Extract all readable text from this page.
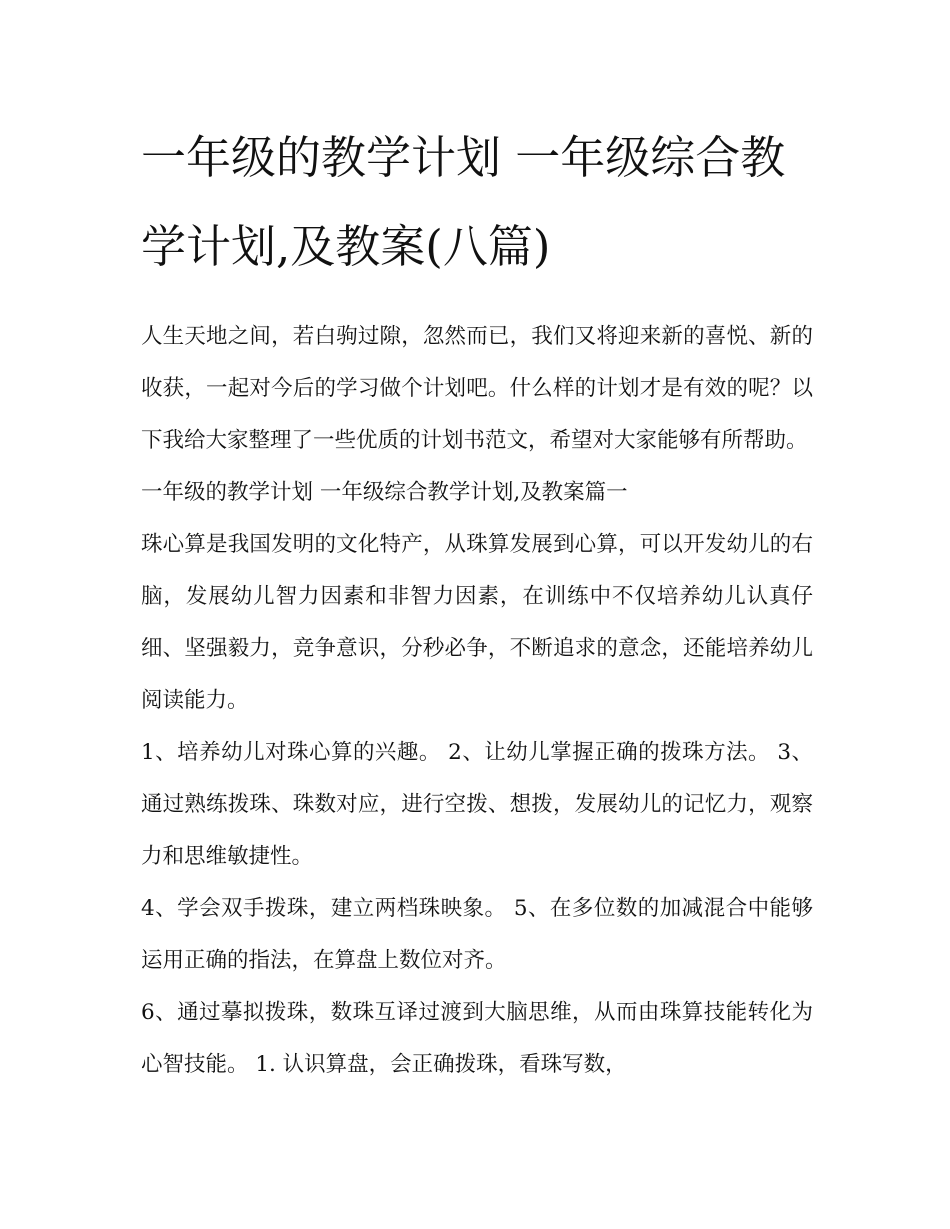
一年级的教学计划 一年级综合教学计划,及教案(八篇)

人生天地之间，若白驹过隙，忽然而已，我们又将迎来新的喜悦、新的收获，一起对今后的学习做个计划吧。什么样的计划才是有效的呢？以下我给大家整理了一些优质的计划书范文，希望对大家能够有所帮助。

一年级的教学计划 一年级综合教学计划,及教案篇一

珠心算是我国发明的文化特产，从珠算发展到心算，可以开发幼儿的右脑，发展幼儿智力因素和非智力因素，在训练中不仅培养幼儿认真仔细、坚强毅力，竞争意识，分秒必争，不断追求的意念，还能培养幼儿阅读能力。

1、培养幼儿对珠心算的兴趣。 2、让幼儿掌握正确的拨珠方法。 3、通过熟练拨珠、珠数对应，进行空拨、想拨，发展幼儿的记忆力，观察力和思维敏捷性。

4、学会双手拨珠，建立两档珠映象。 5、在多位数的加减混合中能够运用正确的指法，在算盘上数位对齐。

6、通过摹拟拨珠，数珠互译过渡到大脑思维，从而由珠算技能转化为心智技能。 1. 认识算盘，会正确拨珠，看珠写数，
